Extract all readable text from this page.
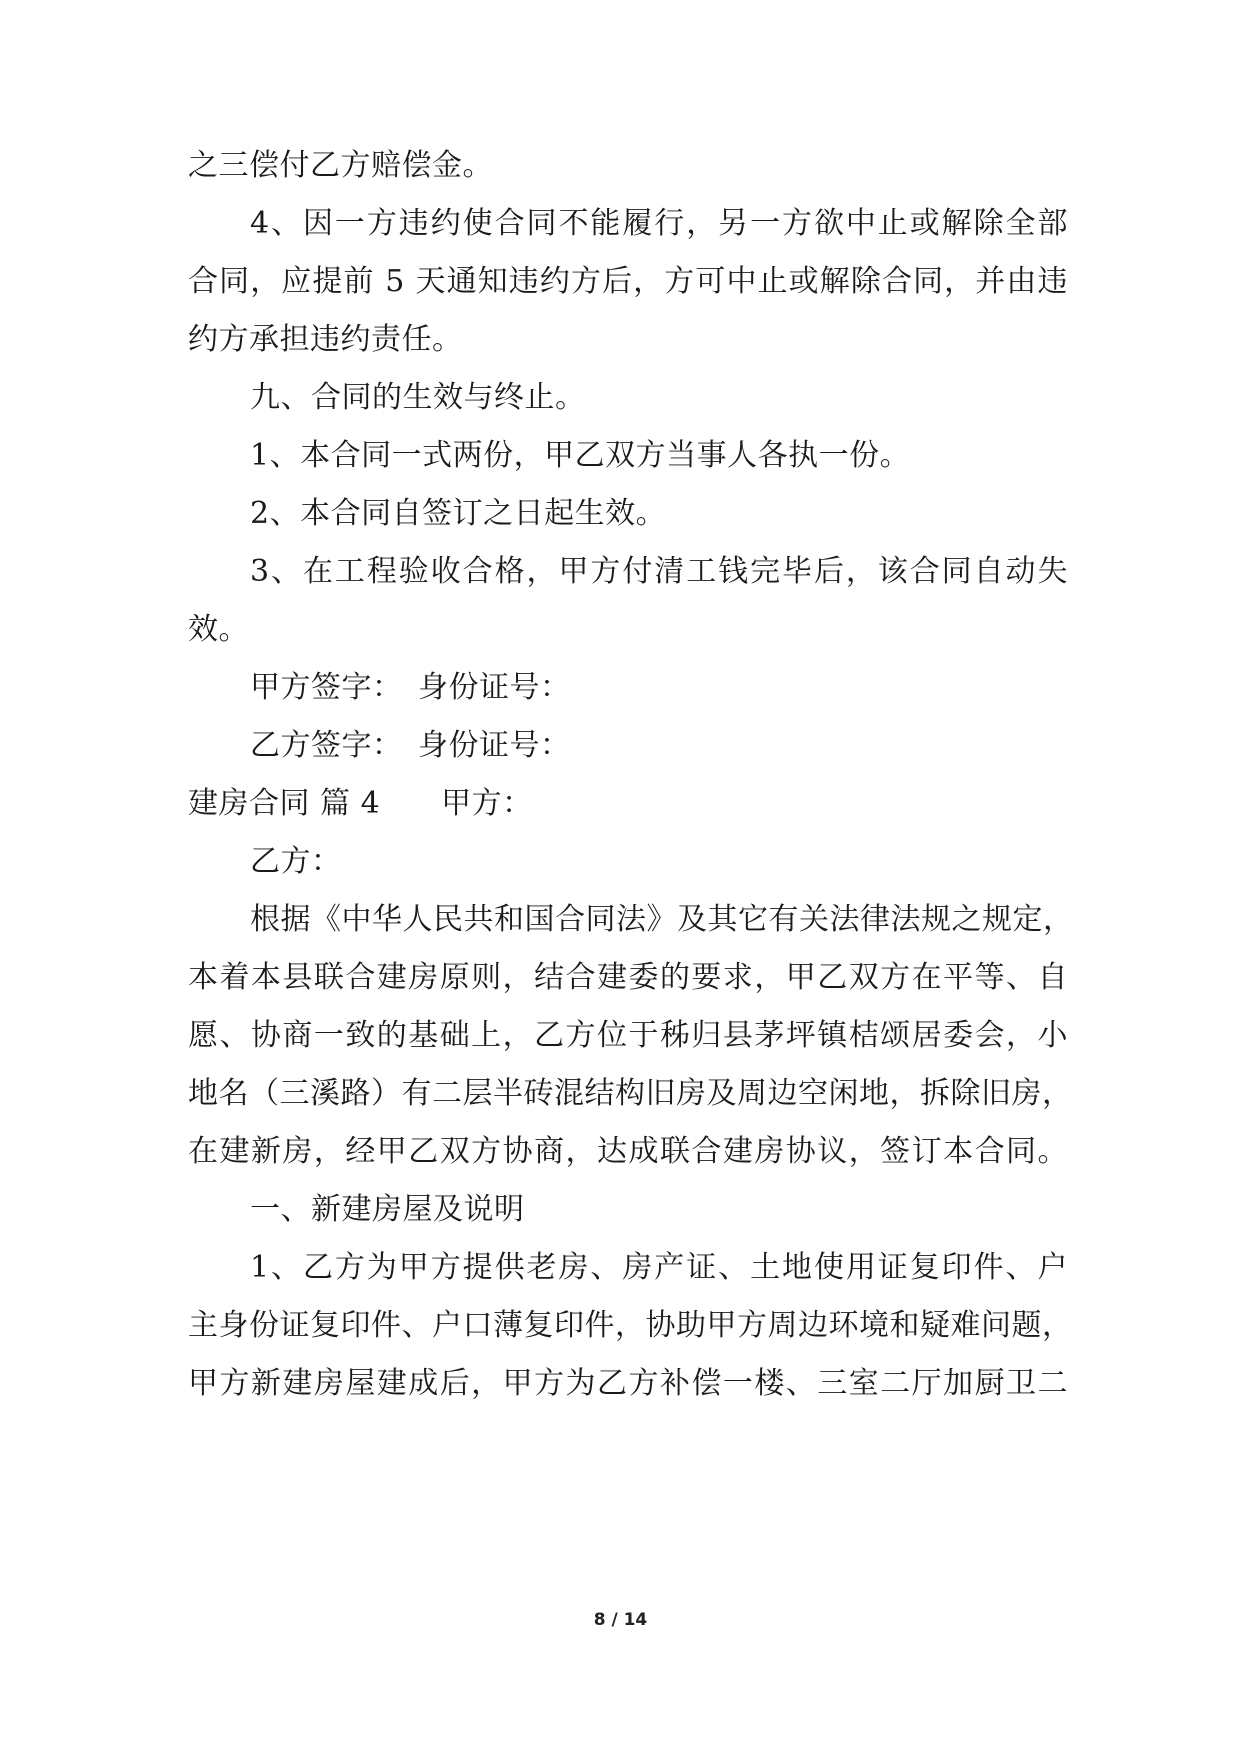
之三偿付乙方赔偿金。
4、因一方违约使合同不能履行，另一方欲中止或解除全部
合同，应提前 5 天通知违约方后，方可中止或解除合同，并由违
约方承担违约责任。
九、合同的生效与终止。
1、本合同一式两份，甲乙双方当事人各执一份。
2、本合同自签订之日起生效。
3、在工程验收合格，甲方付清工钱完毕后，该合同自动失
效。
甲方签字：　身份证号：
乙方签字：　身份证号：
建房合同 篇 4　　甲方：
乙方：
根据《中华人民共和国合同法》及其它有关法律法规之规定，
本着本县联合建房原则，结合建委的要求，甲乙双方在平等、自
愿、协商一致的基础上，乙方位于秭归县茅坪镇桔颂居委会，小
地名（三溪路）有二层半砖混结构旧房及周边空闲地，拆除旧房，
在建新房，经甲乙双方协商，达成联合建房协议，签订本合同。
一、新建房屋及说明
1、乙方为甲方提供老房、房产证、土地使用证复印件、户
主身份证复印件、户口薄复印件，协助甲方周边环境和疑难问题，
甲方新建房屋建成后，甲方为乙方补偿一楼、三室二厅加厨卫二
8 / 14
